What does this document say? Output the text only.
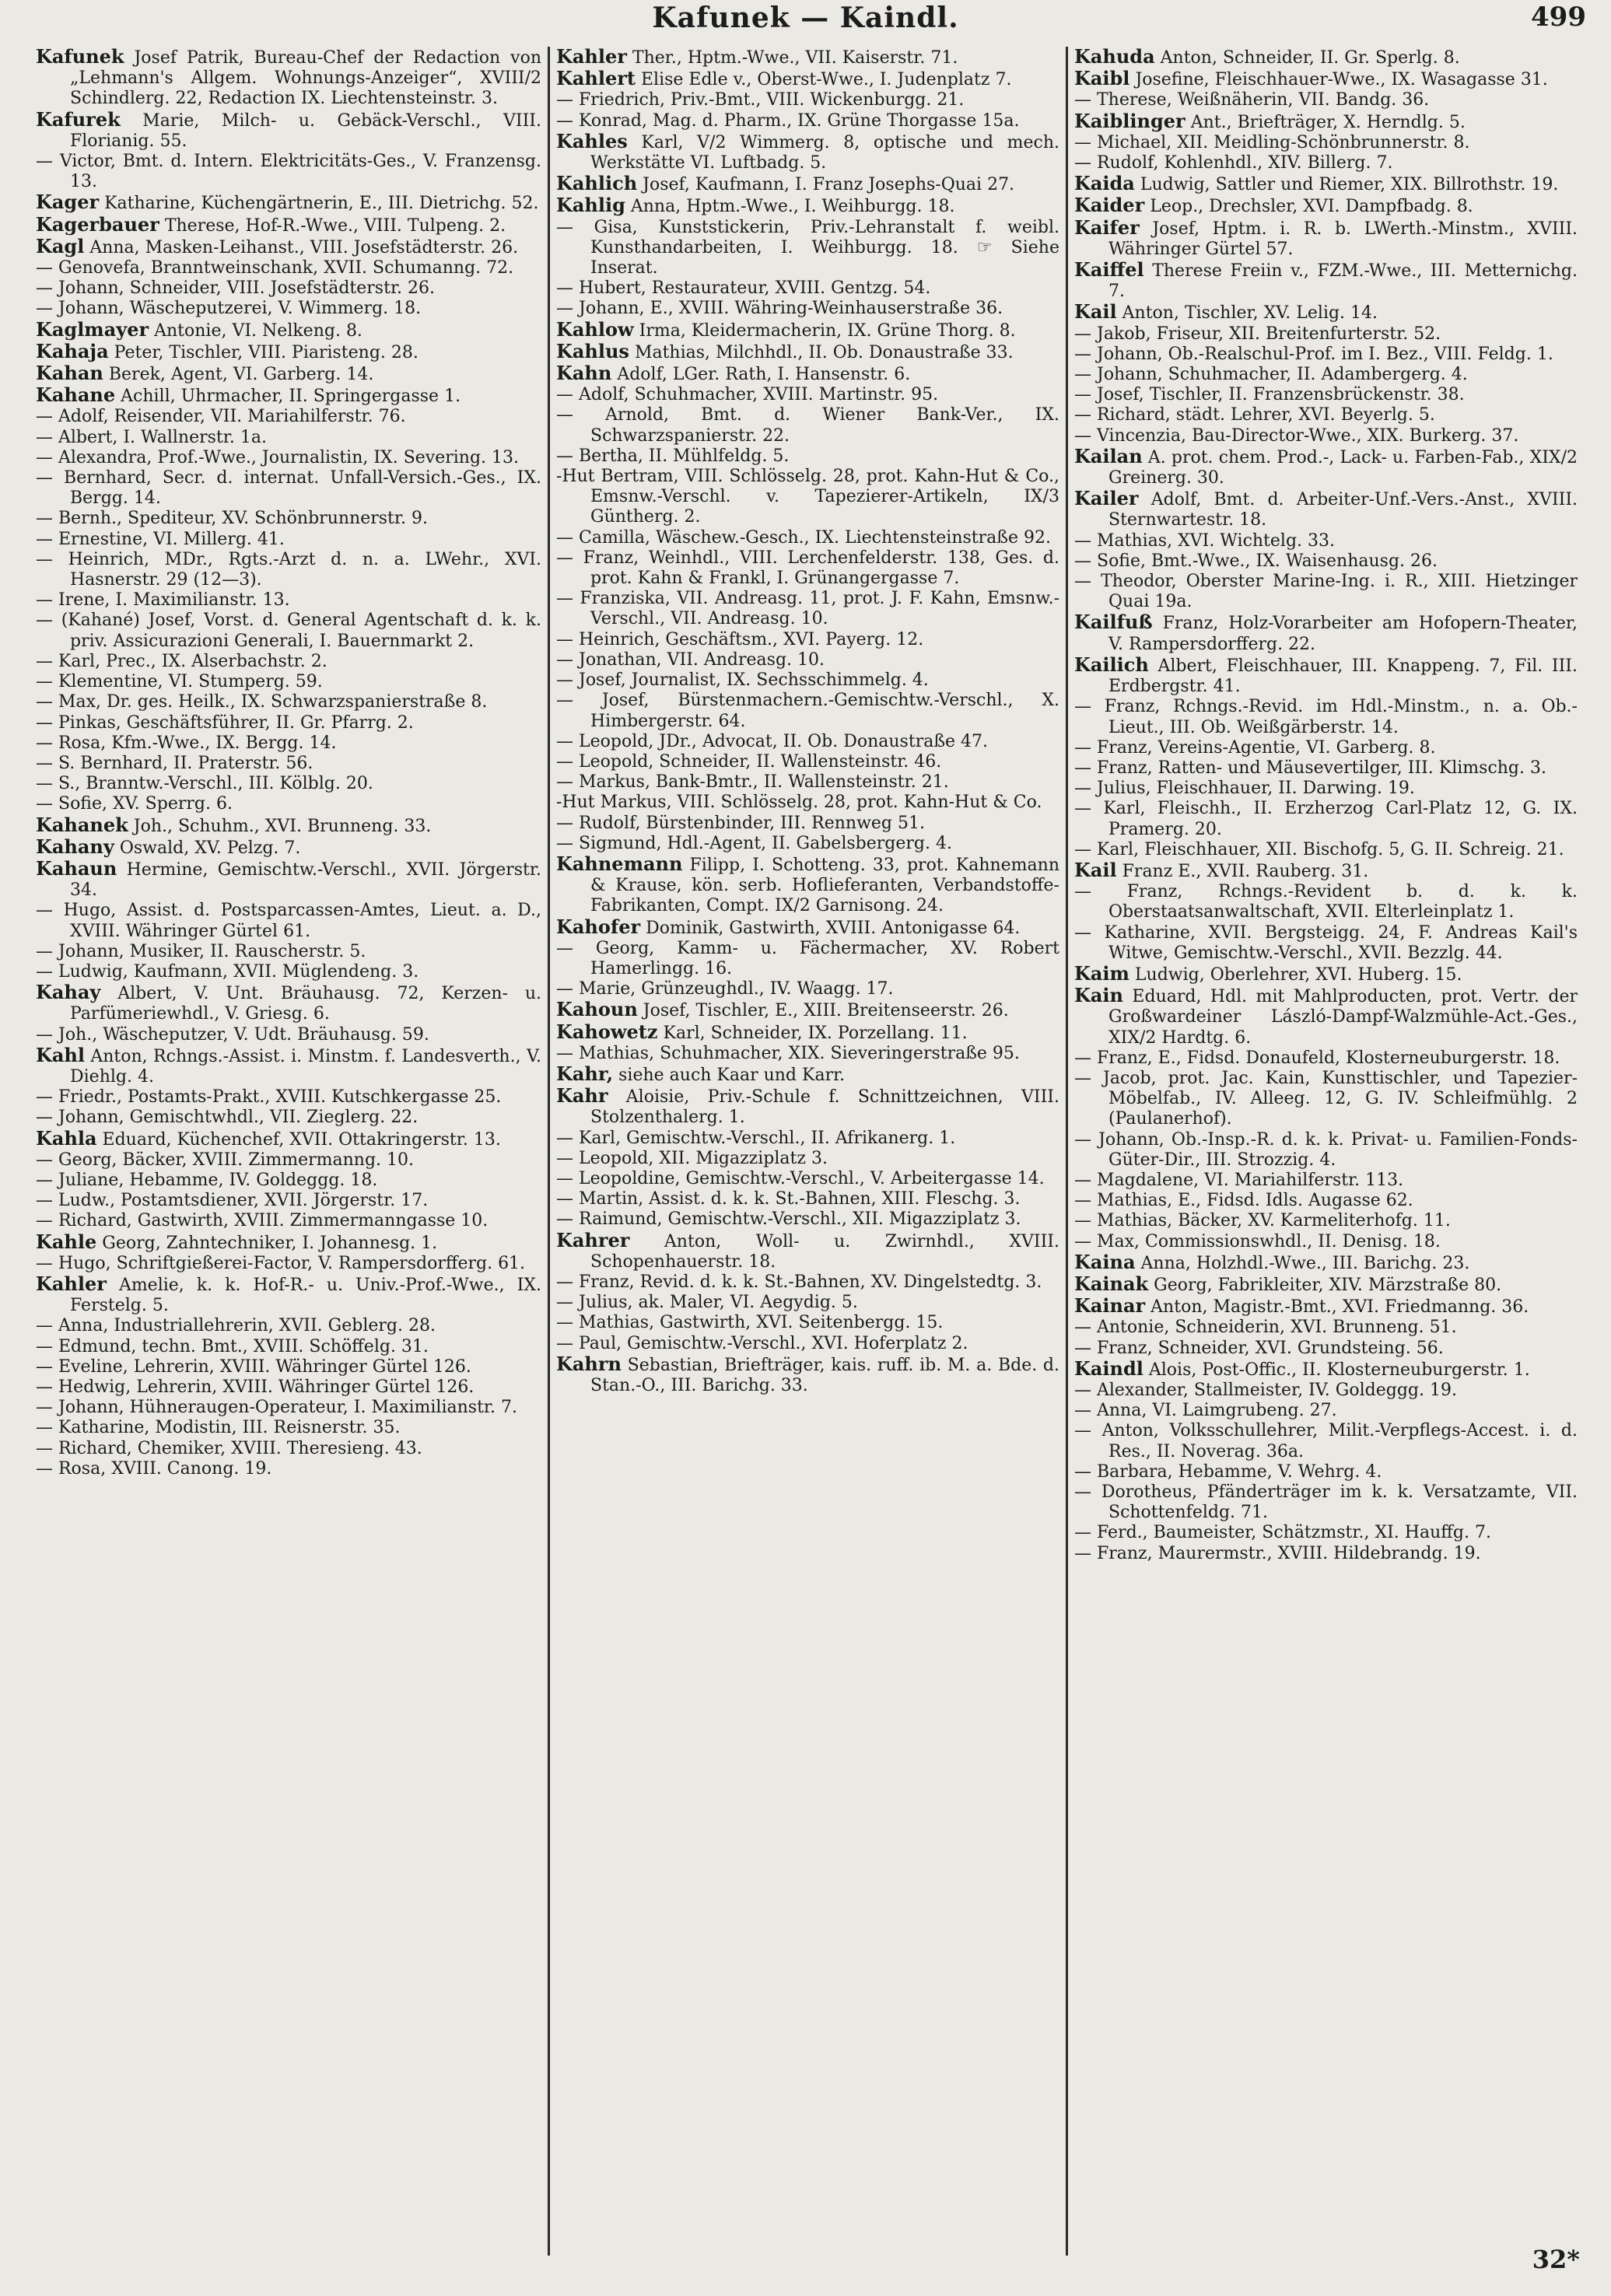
Kafunek — Kaindl.	499
Kafunek Josef Patrik, Bureau-Chef der Redaction von „Lehmann's Allgem. Wohnungs-Anzeiger“, XVIII/2 Schindlerg. 22, Redaction IX. Liechtensteinstr. 3.
Kafurek Marie, Milch- u. Gebäck-Verschl., VIII. Florianig. 55.
— Victor, Bmt. d. Intern. Elektricitäts-Ges., V. Franzensg. 13.
Kager Katharine, Küchengärtnerin, E., III. Dietrichg. 52.
Kagerbauer Therese, Hof-R.-Wwe., VIII. Tulpeng. 2.
Kagl Anna, Masken-Leihanst., VIII. Josefstädterstr. 26.
— Genovefa, Branntweinschank, XVII. Schumanng. 72.
— Johann, Schneider, VIII. Josefstädterstr. 26.
— Johann, Wäscheputzerei, V. Wimmerg. 18.
Kaglmayer Antonie, VI. Nelkeng. 8.
Kahaja Peter, Tischler, VIII. Piaristeng. 28.
Kahan Berek, Agent, VI. Garberg. 14.
Kahane Achill, Uhrmacher, II. Springergasse 1.
— Adolf, Reisender, VII. Mariahilferstr. 76.
— Albert, I. Wallnerstr. 1a.
— Alexandra, Prof.-Wwe., Journalistin, IX. Severing. 13.
— Bernhard, Secr. d. internat. Unfall-Versich.-Ges., IX. Bergg. 14.
— Bernh., Spediteur, XV. Schönbrunnerstr. 9.
— Ernestine, VI. Millerg. 41.
— Heinrich, MDr., Rgts.-Arzt d. n. a. LWehr., XVI. Hasnerstr. 29 (12—3).
— Irene, I. Maximilianstr. 13.
— (Kahané) Josef, Vorst. d. General Agentschaft d. k. k. priv. Assicurazioni Generali, I. Bauernmarkt 2.
— Karl, Prec., IX. Alserbachstr. 2.
— Klementine, VI. Stumperg. 59.
— Max, Dr. ges. Heilk., IX. Schwarzspanierstraße 8.
— Pinkas, Geschäftsführer, II. Gr. Pfarrg. 2.
— Rosa, Kfm.-Wwe., IX. Bergg. 14.
— S. Bernhard, II. Praterstr. 56.
— S., Branntw.-Verschl., III. Kölblg. 20.
— Sofie, XV. Sperrg. 6.
Kahanek Joh., Schuhm., XVI. Brunneng. 33.
Kahany Oswald, XV. Pelzg. 7.
Kahaun Hermine, Gemischtw.-Verschl., XVII. Jörgerstr. 34.
— Hugo, Assist. d. Postsparcassen-Amtes, Lieut. a. D., XVIII. Währinger Gürtel 61.
— Johann, Musiker, II. Rauscherstr. 5.
— Ludwig, Kaufmann, XVII. Müglendeng. 3.
Kahay Albert, V. Unt. Bräuhausg. 72, Kerzen- u. Parfümeriewhdl., V. Griesg. 6.
— Joh., Wäscheputzer, V. Udt. Bräuhausg. 59.
Kahl Anton, Rchngs.-Assist. i. Minstm. f. Landesverth., V. Diehlg. 4.
— Friedr., Postamts-Prakt., XVIII. Kutschkergasse 25.
— Johann, Gemischtwhdl., VII. Zieglerg. 22.
Kahla Eduard, Küchenchef, XVII. Ottakringerstr. 13.
— Georg, Bäcker, XVIII. Zimmermanng. 10.
— Juliane, Hebamme, IV. Goldeggg. 18.
— Ludw., Postamtsdiener, XVII. Jörgerstr. 17.
— Richard, Gastwirth, XVIII. Zimmermanngasse 10.
Kahle Georg, Zahntechniker, I. Johannesg. 1.
— Hugo, Schriftgießerei-Factor, V. Rampersdorfferg. 61.
Kahler Amelie, k. k. Hof-R.- u. Univ.-Prof.-Wwe., IX. Ferstelg. 5.
— Anna, Industriallehrerin, XVII. Geblerg. 28.
— Edmund, techn. Bmt., XVIII. Schöffelg. 31.
— Eveline, Lehrerin, XVIII. Währinger Gürtel 126.
— Hedwig, Lehrerin, XVIII. Währinger Gürtel 126.
— Johann, Hühneraugen-Operateur, I. Maximilianstr. 7.
— Katharine, Modistin, III. Reisnerstr. 35.
— Richard, Chemiker, XVIII. Theresieng. 43.
— Rosa, XVIII. Canong. 19.
Kahler Ther., Hptm.-Wwe., VII. Kaiserstr. 71.
Kahlert Elise Edle v., Oberst-Wwe., I. Judenplatz 7.
— Friedrich, Priv.-Bmt., VIII. Wickenburgg. 21.
— Konrad, Mag. d. Pharm., IX. Grüne Thorgasse 15a.
Kahles Karl, V/2 Wimmerg. 8, optische und mech. Werkstätte VI. Luftbadg. 5.
Kahlich Josef, Kaufmann, I. Franz Josephs-Quai 27.
Kahlig Anna, Hptm.-Wwe., I. Weihburgg. 18.
— Gisa, Kunststickerin, Priv.-Lehranstalt f. weibl. Kunsthandarbeiten, I. Weihburgg. 18. ☞ Siehe Inserat.
— Hubert, Restaurateur, XVIII. Gentzg. 54.
— Johann, E., XVIII. Währing-Weinhauserstraße 36.
Kahlow Irma, Kleidermacherin, IX. Grüne Thorg. 8.
Kahlus Mathias, Milchhdl., II. Ob. Donaustraße 33.
Kahn Adolf, LGer. Rath, I. Hansenstr. 6.
— Adolf, Schuhmacher, XVIII. Martinstr. 95.
— Arnold, Bmt. d. Wiener Bank-Ver., IX. Schwarzspanierstr. 22.
— Bertha, II. Mühlfeldg. 5.
-Hut Bertram, VIII. Schlösselg. 28, prot. Kahn-Hut & Co., Emsnw.-Verschl. v. Tapezierer-Artikeln, IX/3 Güntherg. 2.
— Camilla, Wäschew.-Gesch., IX. Liechtensteinstraße 92.
— Franz, Weinhdl., VIII. Lerchenfelderstr. 138, Ges. d. prot. Kahn & Frankl, I. Grünangergasse 7.
— Franziska, VII. Andreasg. 11, prot. J. F. Kahn, Emsnw.-Verschl., VII. Andreasg. 10.
— Heinrich, Geschäftsm., XVI. Payerg. 12.
— Jonathan, VII. Andreasg. 10.
— Josef, Journalist, IX. Sechsschimmelg. 4.
— Josef, Bürstenmachern.-Gemischtw.-Verschl., X. Himbergerstr. 64.
— Leopold, JDr., Advocat, II. Ob. Donaustraße 47.
— Leopold, Schneider, II. Wallensteinstr. 46.
— Markus, Bank-Bmtr., II. Wallensteinstr. 21.
-Hut Markus, VIII. Schlösselg. 28, prot. Kahn-Hut & Co.
— Rudolf, Bürstenbinder, III. Rennweg 51.
— Sigmund, Hdl.-Agent, II. Gabelsbergerg. 4.
Kahnemann Filipp, I. Schotteng. 33, prot. Kahnemann & Krause, kön. serb. Hoflieferanten, Verbandstoffe-Fabrikanten, Compt. IX/2 Garnisong. 24.
Kahofer Dominik, Gastwirth, XVIII. Antonigasse 64.
— Georg, Kamm- u. Fächermacher, XV. Robert Hamerlingg. 16.
— Marie, Grünzeughdl., IV. Waagg. 17.
Kahoun Josef, Tischler, E., XIII. Breitenseerstr. 26.
Kahowetz Karl, Schneider, IX. Porzellang. 11.
— Mathias, Schuhmacher, XIX. Sieveringerstraße 95.
Kahr, siehe auch Kaar und Karr.
Kahr Aloisie, Priv.-Schule f. Schnittzeichnen, VIII. Stolzenthalerg. 1.
— Karl, Gemischtw.-Verschl., II. Afrikanerg. 1.
— Leopold, XII. Migazziplatz 3.
— Leopoldine, Gemischtw.-Verschl., V. Arbeitergasse 14.
— Martin, Assist. d. k. k. St.-Bahnen, XIII. Fleschg. 3.
— Raimund, Gemischtw.-Verschl., XII. Migazziplatz 3.
Kahrer Anton, Woll- u. Zwirnhdl., XVIII. Schopenhauerstr. 18.
— Franz, Revid. d. k. k. St.-Bahnen, XV. Dingelstedtg. 3.
— Julius, ak. Maler, VI. Aegydig. 5.
— Mathias, Gastwirth, XVI. Seitenbergg. 15.
— Paul, Gemischtw.-Verschl., XVI. Hoferplatz 2.
Kahrn Sebastian, Briefträger, kais. ruff. ib. M. a. Bde. d. Stan.-O., III. Barichg. 33.
Kahuda Anton, Schneider, II. Gr. Sperlg. 8.
Kaibl Josefine, Fleischhauer-Wwe., IX. Wasagasse 31.
— Therese, Weißnäherin, VII. Bandg. 36.
Kaiblinger Ant., Briefträger, X. Herndlg. 5.
— Michael, XII. Meidling-Schönbrunnerstr. 8.
— Rudolf, Kohlenhdl., XIV. Billerg. 7.
Kaida Ludwig, Sattler und Riemer, XIX. Billrothstr. 19.
Kaider Leop., Drechsler, XVI. Dampfbadg. 8.
Kaifer Josef, Hptm. i. R. b. LWerth.-Minstm., XVIII. Währinger Gürtel 57.
Kaiffel Therese Freiin v., FZM.-Wwe., III. Metternichg. 7.
Kail Anton, Tischler, XV. Lelig. 14.
— Jakob, Friseur, XII. Breitenfurterstr. 52.
— Johann, Ob.-Realschul-Prof. im I. Bez., VIII. Feldg. 1.
— Johann, Schuhmacher, II. Adambergerg. 4.
— Josef, Tischler, II. Franzensbrückenstr. 38.
— Richard, städt. Lehrer, XVI. Beyerlg. 5.
— Vincenzia, Bau-Director-Wwe., XIX. Burkerg. 37.
Kailan A. prot. chem. Prod.-, Lack- u. Farben-Fab., XIX/2 Greinerg. 30.
Kailer Adolf, Bmt. d. Arbeiter-Unf.-Vers.-Anst., XVIII. Sternwartestr. 18.
— Mathias, XVI. Wichtelg. 33.
— Sofie, Bmt.-Wwe., IX. Waisenhausg. 26.
— Theodor, Oberster Marine-Ing. i. R., XIII. Hietzinger Quai 19a.
Kailfuß Franz, Holz-Vorarbeiter am Hofopern-Theater, V. Rampersdorfferg. 22.
Kailich Albert, Fleischhauer, III. Knappeng. 7, Fil. III. Erdbergstr. 41.
— Franz, Rchngs.-Revid. im Hdl.-Minstm., n. a. Ob.-Lieut., III. Ob. Weißgärberstr. 14.
— Franz, Vereins-Agentie, VI. Garberg. 8.
— Franz, Ratten- und Mäusevertilger, III. Klimschg. 3.
— Julius, Fleischhauer, II. Darwing. 19.
— Karl, Fleischh., II. Erzherzog Carl-Platz 12, G. IX. Pramerg. 20.
— Karl, Fleischhauer, XII. Bischofg. 5, G. II. Schreig. 21.
Kail Franz E., XVII. Rauberg. 31.
— Franz, Rchngs.-Revident b. d. k. k. Oberstaatsanwaltschaft, XVII. Elterleinplatz 1.
— Katharine, XVII. Bergsteigg. 24, F. Andreas Kail's Witwe, Gemischtw.-Verschl., XVII. Bezzlg. 44.
Kaim Ludwig, Oberlehrer, XVI. Huberg. 15.
Kain Eduard, Hdl. mit Mahlproducten, prot. Vertr. der Großwardeiner László-Dampf-Walzmühle-Act.-Ges., XIX/2 Hardtg. 6.
— Franz, E., Fidsd. Donaufeld, Klosterneuburgerstr. 18.
— Jacob, prot. Jac. Kain, Kunsttischler, und Tapezier-Möbelfab., IV. Alleeg. 12, G. IV. Schleifmühlg. 2 (Paulanerhof).
— Johann, Ob.-Insp.-R. d. k. k. Privat- u. Familien-Fonds-Güter-Dir., III. Strozzig. 4.
— Magdalene, VI. Mariahilferstr. 113.
— Mathias, E., Fidsd. Idls. Augasse 62.
— Mathias, Bäcker, XV. Karmeliterhofg. 11.
— Max, Commissionswhdl., II. Denisg. 18.
Kaina Anna, Holzhdl.-Wwe., III. Barichg. 23.
Kainak Georg, Fabrikleiter, XIV. Märzstraße 80.
Kainar Anton, Magistr.-Bmt., XVI. Friedmanng. 36.
— Antonie, Schneiderin, XVI. Brunneng. 51.
— Franz, Schneider, XVI. Grundsteing. 56.
Kaindl Alois, Post-Offic., II. Klosterneuburgerstr. 1.
— Alexander, Stallmeister, IV. Goldeggg. 19.
— Anna, VI. Laimgrubeng. 27.
— Anton, Volksschullehrer, Milit.-Verpflegs-Accest. i. d. Res., II. Noverag. 36a.
— Barbara, Hebamme, V. Wehrg. 4.
— Dorotheus, Pfänderträger im k. k. Versatzamte, VII. Schottenfeldg. 71.
— Ferd., Baumeister, Schätzmstr., XI. Hauffg. 7.
— Franz, Maurermstr., XVIII. Hildebrandg. 19.
32*
